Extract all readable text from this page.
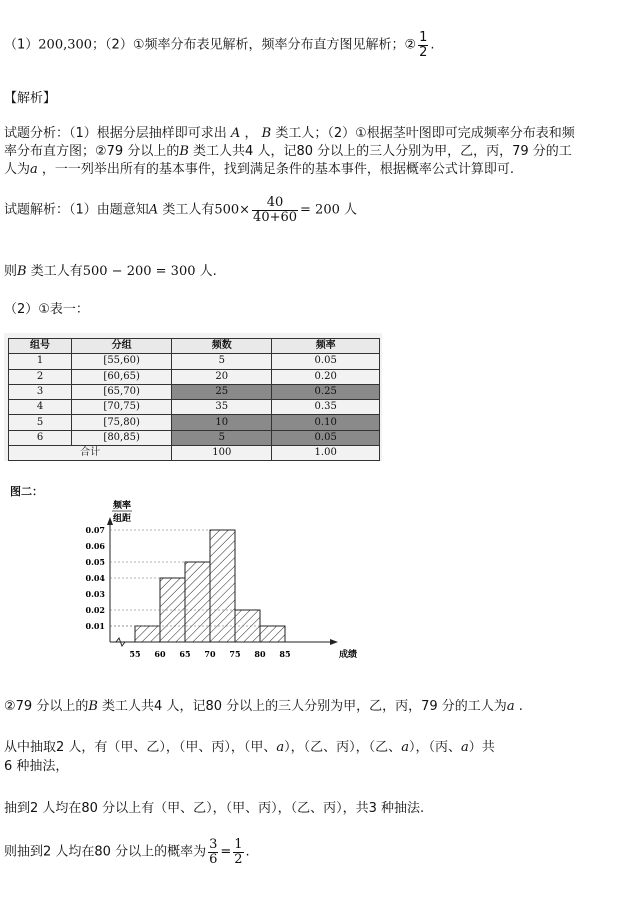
（1）200,300；（2）①频率分布表见解析，频率分布直方图见解析；② $\frac{1}{2}$ .
【解析】
试题分析：（1）根据分层抽样即可求出 A ， B 类工人；（2）①根据茎叶图即可完成频率分布表和频
率分布直方图；②79 分以上的B 类工人共4 人，记80 分以上的三人分别为甲，乙，丙，79 分的工
人为a ，一一列举出所有的基本事件，找到满足条件的基本事件，根据概率公式计算即可.
试题解析：（1）由题意知A 类工人有$500\times \frac{40}{40+60} = 200$ 人
则B 类工人有500 − 200 = 300 人.
（2）①表一：
组号	分组	频数	频率
1	[55,60)	5	0.05
2	[60,65)	20	0.20
3	[65,70)	25	0.25
4	[70,75)	35	0.35
5	[75,80)	10	0.10
6	[80,85)	5	0.05
合计		100	1.00
图二：
频率
组距
0.01
0.02
0.03
0.04
0.05
0.06
0.07
55 60 65 70 75 80 85	成绩
②79 分以上的B 类工人共4 人，记80 分以上的三人分别为甲，乙，丙，79 分的工人为a .
从中抽取2 人，有（甲、乙），（甲、丙），（甲、a），（乙、丙），（乙、a），（丙、a）共
6 种抽法，
抽到2 人均在80 分以上有（甲、乙），（甲、丙），（乙、丙），共3 种抽法.
则抽到2 人均在80 分以上的概率为 $\frac{3}{6} = \frac{1}{2}$ .
